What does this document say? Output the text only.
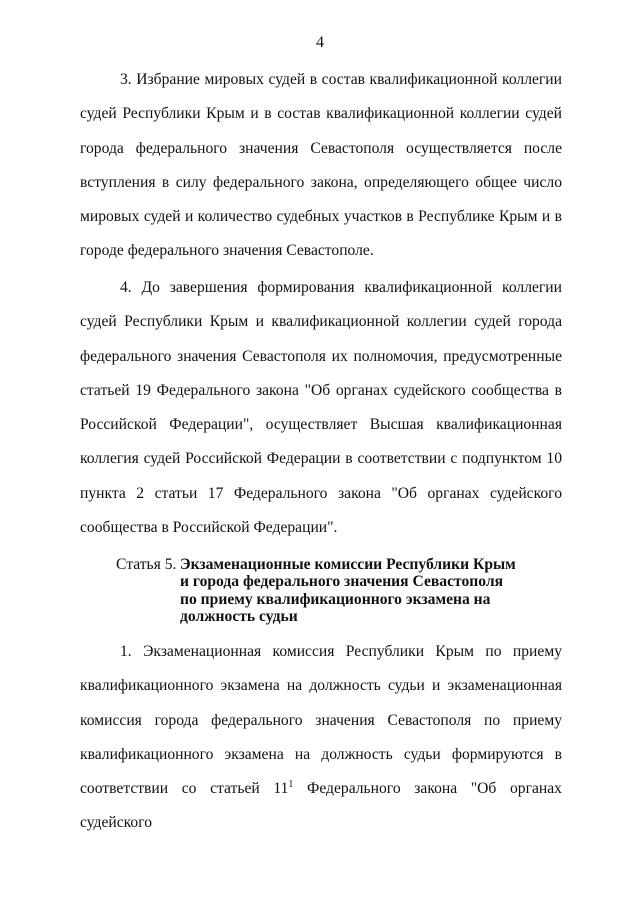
4

3. Избрание мировых судей в состав квалификационной коллегии судей Республики Крым и в состав квалификационной коллегии судей города федерального значения Севастополя осуществляется после вступления в силу федерального закона, определяющего общее число мировых судей и количество судебных участков в Республике Крым и в городе федерального значения Севастополе.

4. До завершения формирования квалификационной коллегии судей Республики Крым и квалификационной коллегии судей города федерального значения Севастополя их полномочия, предусмотренные статьей 19 Федерального закона "Об органах судейского сообщества в Российской Федерации", осуществляет Высшая квалификационная коллегия судей Российской Федерации в соответствии с подпунктом 10 пункта 2 статьи 17 Федерального закона "Об органах судейского сообщества в Российской Федерации".

Статья 5. Экзаменационные комиссии Республики Крым
и города федерального значения Севастополя
по приему квалификационного экзамена на
должность судьи

1. Экзаменационная комиссия Республики Крым по приему квалификационного экзамена на должность судьи и экзаменационная комиссия города федерального значения Севастополя по приему квалификационного экзамена на должность судьи формируются в соответствии со статьей $11^1$ Федерального закона "Об органах судейского
